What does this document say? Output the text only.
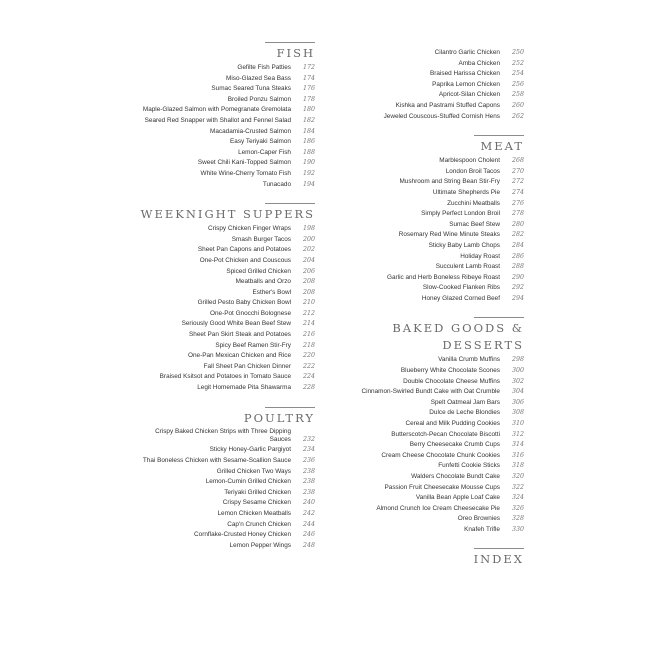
FISH
Gefilte Fish Patties	172
Miso-Glazed Sea Bass	174
Sumac Seared Tuna Steaks	176
Broiled Ponzu Salmon	178
Maple-Glazed Salmon with Pomegranate Gremolata	180
Seared Red Snapper with Shallot and Fennel Salad	182
Macadamia-Crusted Salmon	184
Easy Teriyaki Salmon	186
Lemon-Caper Fish	188
Sweet Chili Kani-Topped Salmon	190
White Wine-Cherry Tomato Fish	192
Tunacado	194
WEEKNIGHT SUPPERS
Crispy Chicken Finger Wraps	198
Smash Burger Tacos	200
Sheet Pan Capons and Potatoes	202
One-Pot Chicken and Couscous	204
Spiced Grilled Chicken	206
Meatballs and Orzo	208
Esther's Bowl	208
Grilled Pesto Baby Chicken Bowl	210
One-Pot Gnocchi Bolognese	212
Seriously Good White Bean Beef Stew	214
Sheet Pan Skirt Steak and Potatoes	216
Spicy Beef Ramen Stir-Fry	218
One-Pan Mexican Chicken and Rice	220
Fall Sheet Pan Chicken Dinner	222
Braised Ksitsot and Potatoes in Tomato Sauce	224
Legit Homemade Pita Shawarma	228
POULTRY
Crispy Baked Chicken Strips with Three Dipping Sauces	232
Sticky Honey-Garlic Pargiyot	234
Thai Boneless Chicken with Sesame-Scallion Sauce	236
Grilled Chicken Two Ways	238
Lemon-Cumin Grilled Chicken	238
Teriyaki Grilled Chicken	238
Crispy Sesame Chicken	240
Lemon Chicken Meatballs	242
Cap'n Crunch Chicken	244
Cornflake-Crusted Honey Chicken	246
Lemon Pepper Wings	248
Cilantro Garlic Chicken	250
Amba Chicken	252
Braised Harissa Chicken	254
Paprika Lemon Chicken	256
Apricot-Silan Chicken	258
Kishka and Pastrami Stuffed Capons	260
Jeweled Couscous-Stuffed Cornish Hens	262
MEAT
Marblespoon Cholent	268
London Broil Tacos	270
Mushroom and String Bean Stir-Fry	272
Ultimate Shepherds Pie	274
Zucchini Meatballs	276
Simply Perfect London Broil	278
Sumac Beef Stew	280
Rosemary Red Wine Minute Steaks	282
Sticky Baby Lamb Chops	284
Holiday Roast	286
Succulent Lamb Roast	288
Garlic and Herb Boneless Ribeye Roast	290
Slow-Cooked Flanken Ribs	292
Honey Glazed Corned Beef	294
BAKED GOODS &
DESSERTS
Vanilla Crumb Muffins	298
Blueberry White Chocolate Scones	300
Double Chocolate Cheese Muffins	302
Cinnamon-Swirled Bundt Cake with Oat Crumble	304
Spelt Oatmeal Jam Bars	306
Dulce de Leche Blondies	308
Cereal and Milk Pudding Cookies	310
Butterscotch-Pecan Chocolate Biscotti	312
Berry Cheesecake Crumb Cups	314
Cream Cheese Chocolate Chunk Cookies	316
Funfetti Cookie Sticks	318
Walders Chocolate Bundt Cake	320
Passion Fruit Cheesecake Mousse Cups	322
Vanilla Bean Apple Loaf Cake	324
Almond Crunch Ice Cream Cheesecake Pie	326
Oreo Brownies	328
Knafeh Trifle	330
INDEX
